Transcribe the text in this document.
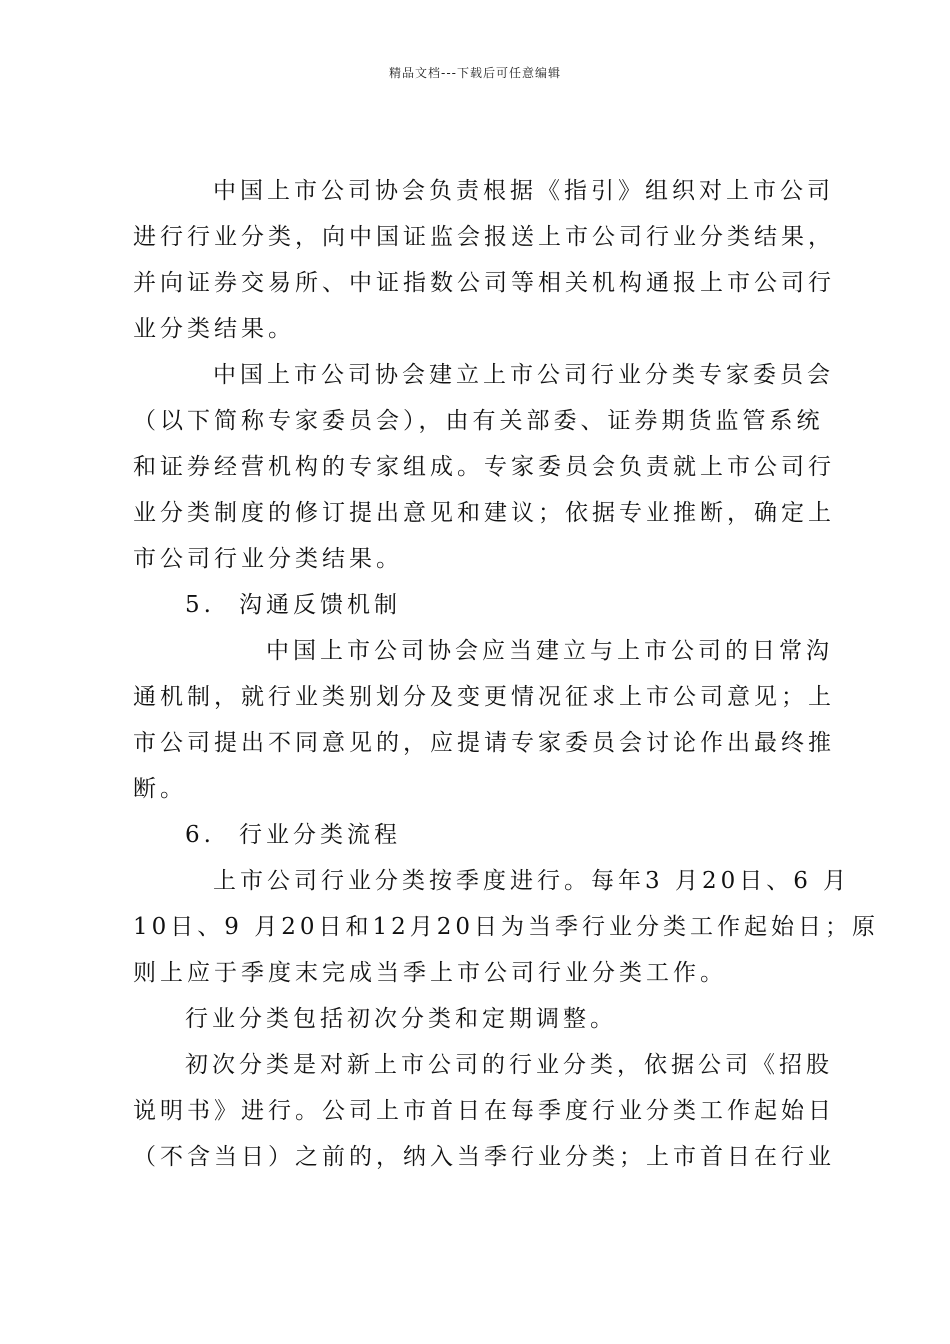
精品文档---下载后可任意编辑
中国上市公司协会负责根据《指引》组织对上市公司
进行行业分类，向中国证监会报送上市公司行业分类结果，
并向证券交易所、中证指数公司等相关机构通报上市公司行
业分类结果。
中国上市公司协会建立上市公司行业分类专家委员会
（以下简称专家委员会），由有关部委、证券期货监管系统
和证券经营机构的专家组成。专家委员会负责就上市公司行
业分类制度的修订提出意见和建议；依据专业推断，确定上
市公司行业分类结果。
5. 沟通反馈机制
中国上市公司协会应当建立与上市公司的日常沟
通机制，就行业类别划分及变更情况征求上市公司意见；上
市公司提出不同意见的，应提请专家委员会讨论作出最终推
断。
6. 行业分类流程
上市公司行业分类按季度进行。每年3 月20日、6 月
10日、9 月20日和12月20日为当季行业分类工作起始日；原
则上应于季度末完成当季上市公司行业分类工作。
行业分类包括初次分类和定期调整。
初次分类是对新上市公司的行业分类，依据公司《招股
说明书》进行。公司上市首日在每季度行业分类工作起始日
（不含当日）之前的，纳入当季行业分类；上市首日在行业
